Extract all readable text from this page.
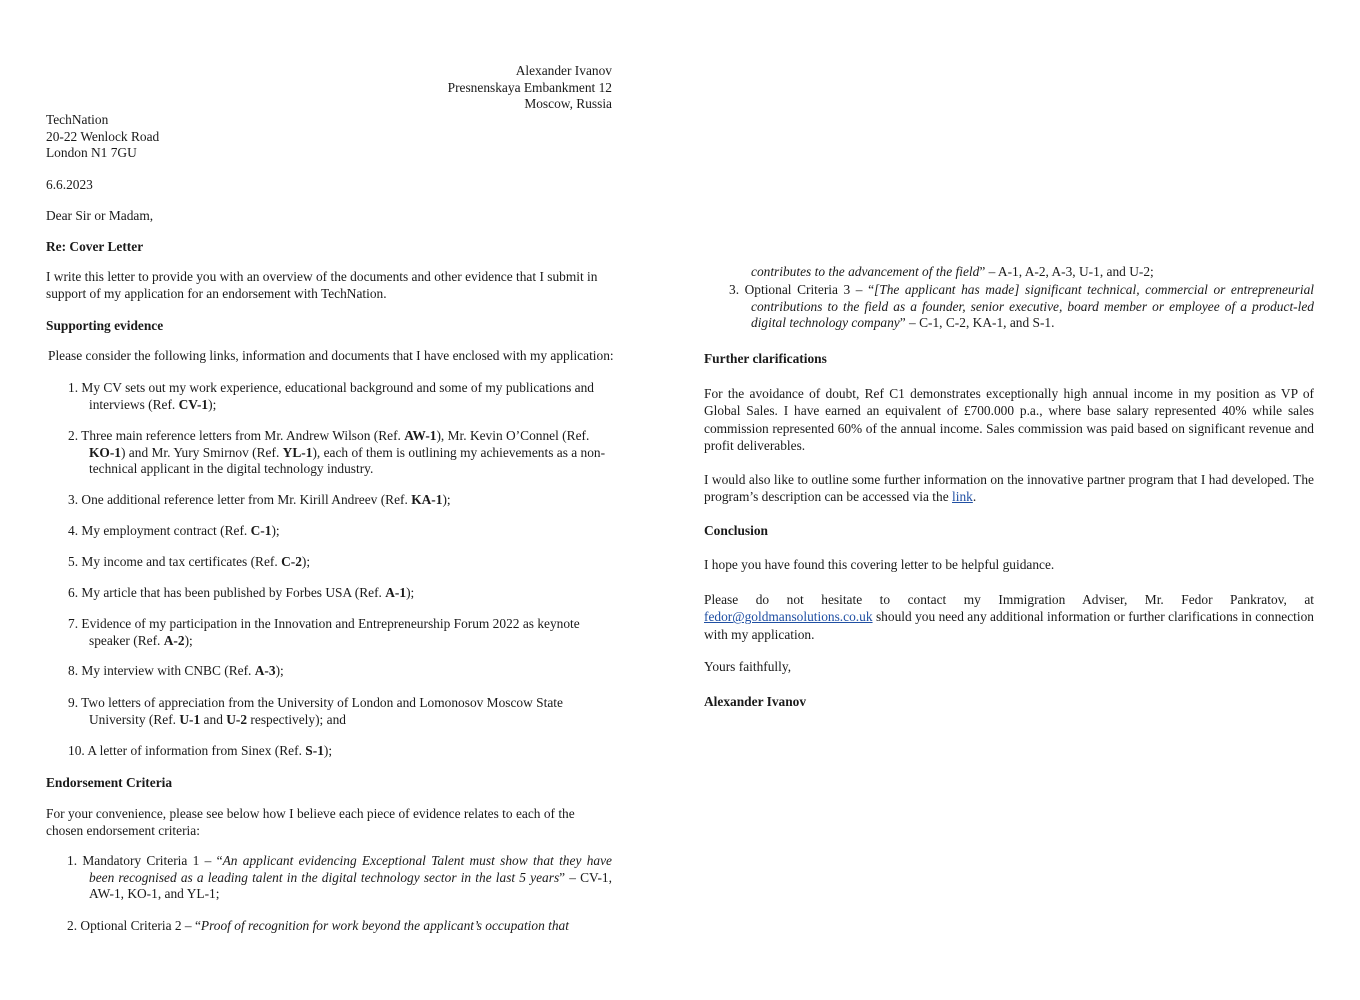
Alexander Ivanov
Presnenskaya Embankment 12
Moscow, Russia
TechNation
20-22 Wenlock Road
London N1 7GU

6.6.2023

Dear Sir or Madam,

Re: Cover Letter

I write this letter to provide you with an overview of the documents and other evidence that I submit in support of my application for an endorsement with TechNation.

Supporting evidence

Please consider the following links, information and documents that I have enclosed with my application:

1. My CV sets out my work experience, educational background and some of my publications and interviews (Ref. CV-1);
2. Three main reference letters from Mr. Andrew Wilson (Ref. AW-1), Mr. Kevin O’Connel (Ref. KO-1) and Mr. Yury Smirnov (Ref. YL-1), each of them is outlining my achievements as a non-technical applicant in the digital technology industry.
3. One additional reference letter from Mr. Kirill Andreev (Ref. KA-1);
4. My employment contract (Ref. C-1);
5. My income and tax certificates (Ref. C-2);
6. My article that has been published by Forbes USA (Ref. A-1);
7. Evidence of my participation in the Innovation and Entrepreneurship Forum 2022 as keynote speaker (Ref. A-2);
8. My interview with CNBC (Ref. A-3);
9. Two letters of appreciation from the University of London and Lomonosov Moscow State University (Ref. U-1 and U-2 respectively); and
10. A letter of information from Sinex (Ref. S-1);

Endorsement Criteria

For your convenience, please see below how I believe each piece of evidence relates to each of the chosen endorsement criteria:

1. Mandatory Criteria 1 – “An applicant evidencing Exceptional Talent must show that they have been recognised as a leading talent in the digital technology sector in the last 5 years” – CV-1, AW-1, KO-1, and YL-1;
2. Optional Criteria 2 – “Proof of recognition for work beyond the applicant’s occupation that

contributes to the advancement of the field” – A-1, A-2, A-3, U-1, and U-2;

3. Optional Criteria 3 – “[The applicant has made] significant technical, commercial or entrepreneurial contributions to the field as a founder, senior executive, board member or employee of a product-led digital technology company” – C-1, C-2, KA-1, and S-1.

Further clarifications

For the avoidance of doubt, Ref C1 demonstrates exceptionally high annual income in my position as VP of Global Sales. I have earned an equivalent of £700.000 p.a., where base salary represented 40% while sales commission represented 60% of the annual income. Sales commission was paid based on significant revenue and profit deliverables.

I would also like to outline some further information on the innovative partner program that I had developed. The program’s description can be accessed via the link.

Conclusion

I hope you have found this covering letter to be helpful guidance.

Please do not hesitate to contact my Immigration Adviser, Mr. Fedor Pankratov, at fedor@goldmansolutions.co.uk should you need any additional information or further clarifications in connection with my application.

Yours faithfully,

Alexander Ivanov
